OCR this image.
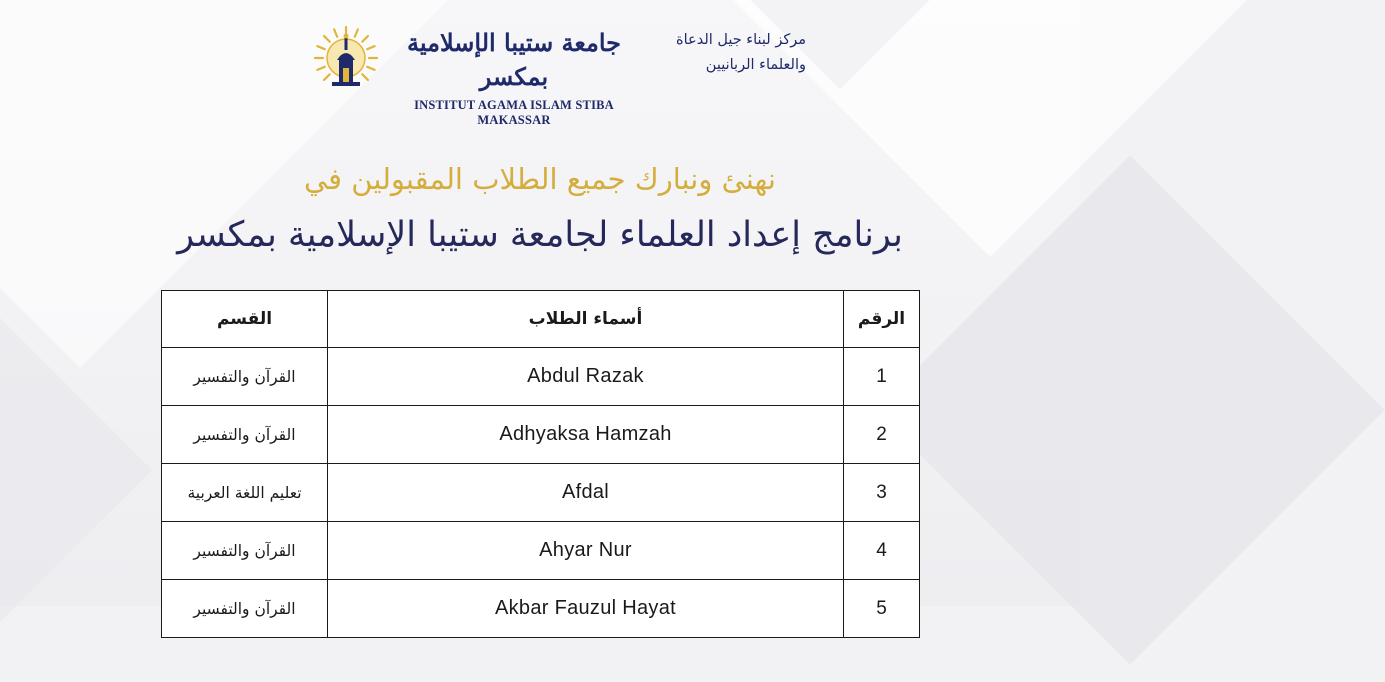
جامعة ستيبا الإسلامية بمكسر
INSTITUT AGAMA ISLAM STIBA MAKASSAR
مركز لبناء جيل الدعاة
والعلماء الربانيين
نهنئ ونبارك جميع الطلاب المقبولين في
برنامج إعداد العلماء لجامعة ستيبا الإسلامية بمكسر
القسم	أسماء الطلاب	الرقم
القرآن والتفسير	Abdul Razak	1
القرآن والتفسير	Adhyaksa Hamzah	2
تعليم اللغة العربية	Afdal	3
القرآن والتفسير	Ahyar Nur	4
القرآن والتفسير	Akbar Fauzul Hayat	5
